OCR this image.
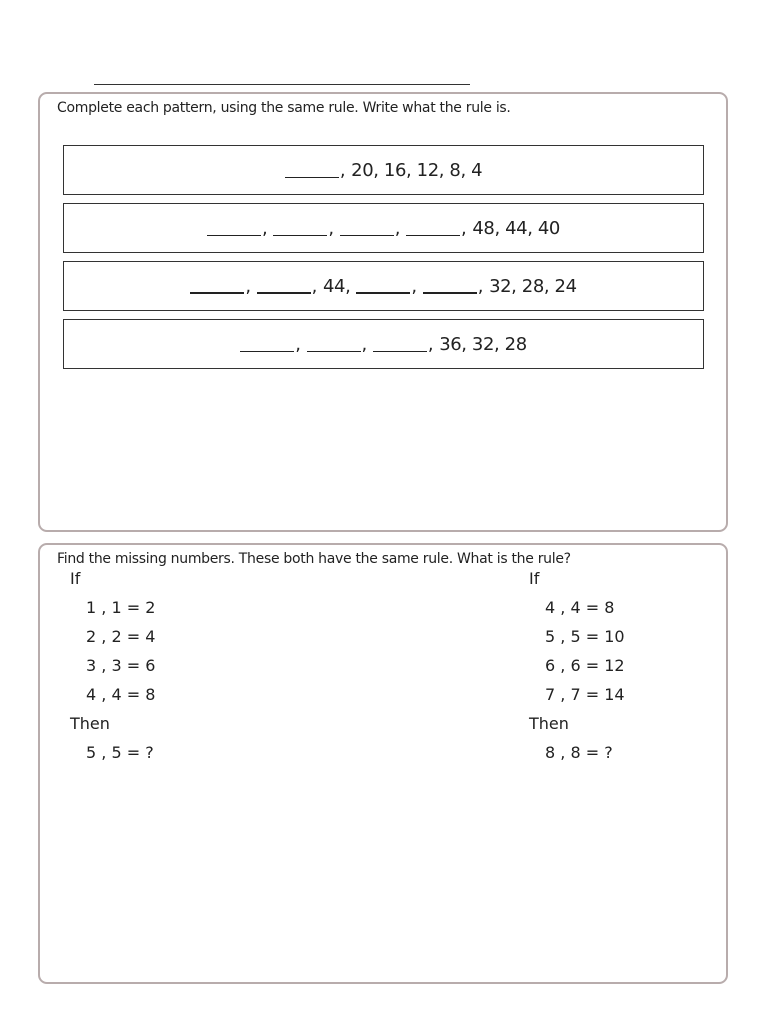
Complete each pattern, using the same rule. Write what the rule is.
, 20, 16, 12, 8, 4
,	,	,	, 48, 44, 40
,	, 44,	,	, 32, 28, 24
,	,	, 36, 32, 28
Find the missing numbers. These both have the same rule. What is the rule?
If
1 , 1 = 2
2 , 2 = 4
3 , 3 = 6
4 , 4 = 8
Then
5 , 5 = ?
If
4 , 4 = 8
5 , 5 = 10
6 , 6 = 12
7 , 7 = 14
Then
8 , 8 = ?
